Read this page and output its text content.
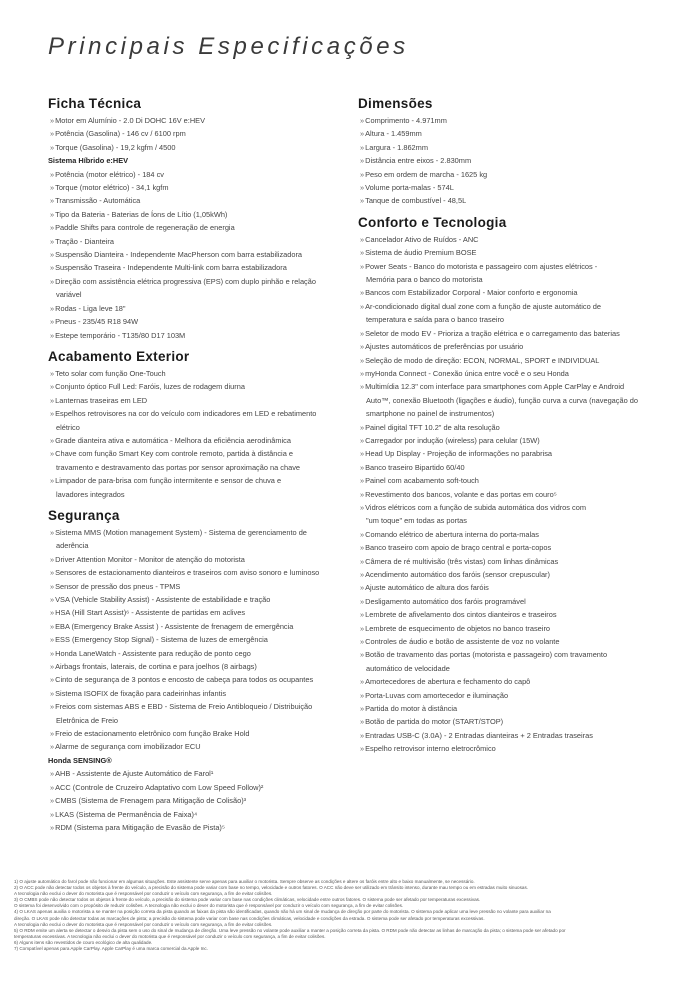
Principais Especificações
Ficha Técnica
»Motor em Alumínio - 2.0 Di DOHC 16V e:HEV
»Potência (Gasolina) - 146 cv / 6100 rpm
»Torque (Gasolina) - 19,2 kgfm / 4500
Sistema Híbrido e:HEV
»Potência (motor elétrico) - 184 cv
»Torque (motor elétrico) - 34,1 kgfm
»Transmissão - Automática
»Tipo da Bateria - Baterias de Íons de Lítio (1,05kWh)
»Paddle Shifts para controle de regeneração de energia
»Tração - Dianteira
»Suspensão Dianteira - Independente MacPherson com barra estabilizadora
»Suspensão Traseira - Independente Multi-link com barra estabilizadora
»Direção com assistência elétrica progressiva (EPS) com duplo pinhão e relação
variável
»Rodas - Liga leve 18"
»Pneus - 235/45 R18 94W
»Estepe temporário - T135/80 D17 103M
Acabamento Exterior
»Teto solar com função One-Touch
»Conjunto óptico Full Led: Faróis, luzes de rodagem diurna
»Lanternas traseiras em LED
»Espelhos retrovisores na cor do veículo com indicadores em LED e rebatimento
elétrico
»Grade dianteira ativa e automática - Melhora da eficiência aerodinâmica
»Chave com função Smart Key com controle remoto, partida à distância e
travamento e destravamento das portas por sensor aproximação na chave
»Limpador de para-brisa com função intermitente e sensor de chuva e
lavadores integrados
Segurança
»Sistema MMS (Motion management System) - Sistema de gerenciamento de
aderência
»Driver Attention Monitor - Monitor de atenção do motorista
»Sensores de estacionamento dianteiros e traseiros com aviso sonoro e luminoso
»Sensor de pressão dos pneus - TPMS
»VSA (Vehicle Stability Assist) - Assistente de estabilidade e tração
»HSA (Hill Start Assist)⁶ - Assistente de partidas em aclives
»EBA (Emergency Brake Assist ) - Assistente de frenagem de emergência
»ESS (Emergency Stop Signal) - Sistema de luzes de emergência
»Honda LaneWatch - Assistente para redução de ponto cego
»Airbags frontais, laterais, de cortina e para joelhos (8 airbags)
»Cinto de segurança de 3 pontos e encosto de cabeça para todos os ocupantes
»Sistema ISOFIX de fixação para cadeirinhas infantis
»Freios com sistemas ABS e EBD - Sistema de Freio Antibloqueio / Distribuição
Eletrônica de Freio
»Freio de estacionamento eletrônico com função Brake Hold
»Alarme de segurança com imobilizador ECU
Honda SENSING®
»AHB - Assistente de Ajuste Automático de Farol¹
»ACC (Controle de Cruzeiro Adaptativo com Low Speed Follow)²
»CMBS (Sistema de Frenagem para Mitigação de Colisão)³
»LKAS (Sistema de Permanência de Faixa)⁴
»RDM (Sistema para Mitigação de Evasão de Pista)⁵
Dimensões
»Comprimento - 4.971mm
»Altura - 1.459mm
»Largura - 1.862mm
»Distância entre eixos - 2.830mm
»Peso em ordem de marcha - 1625 kg
»Volume porta-malas - 574L
»Tanque de combustível - 48,5L
Conforto e Tecnologia
»Cancelador Ativo de Ruídos - ANC
»Sistema de áudio Premium BOSE
»Power Seats - Banco do motorista e passageiro com ajustes elétricos -
Memória para o banco do motorista
»Bancos com Estabilizador Corporal - Maior conforto e ergonomia
»Ar-condicionado digital dual zone com a função de ajuste automático de
temperatura e saída para o banco traseiro
»Seletor de modo EV - Prioriza a tração elétrica e o carregamento das baterias
»Ajustes automáticos de preferências por usuário
»Seleção de modo de direção: ECON, NORMAL, SPORT e INDIVIDUAL
»myHonda Connect - Conexão única entre você e o seu Honda
»Multimídia 12.3" com interface para smartphones com Apple CarPlay e Android
Auto™, conexão Bluetooth (ligações e áudio), função curva a curva (navegação do smartphone no painel de instrumentos)
»Painel digital TFT 10.2" de alta resolução
»Carregador por indução (wireless) para celular (15W)
»Head Up Display - Projeção de informações no parabrisa
»Banco traseiro Bipartido 60/40
»Painel com acabamento soft-touch
»Revestimento dos bancos, volante e das portas em couro⁵
»Vidros elétricos com a função de subida automática dos vidros com
"um toque" em todas as portas
»Comando elétrico de abertura interna do porta-malas
»Banco traseiro com apoio de braço central e porta-copos
»Câmera de ré multivisão (três vistas) com linhas dinâmicas
»Acendimento automático dos faróis (sensor crepuscular)
»Ajuste automático de altura dos faróis
»Desligamento automático dos faróis programável
»Lembrete de afivelamento dos cintos dianteiros e traseiros
»Lembrete de esquecimento de objetos no banco traseiro
»Controles de áudio e botão de assistente de voz no volante
»Botão de travamento das portas (motorista e passageiro) com travamento
automático de velocidade
»Amortecedores de abertura e fechamento do capô
»Porta-Luvas com amortecedor e iluminação
»Partida do motor à distância
»Botão de partida do motor (START/STOP)
»Entradas USB-C (3.0A) - 2 Entradas dianteiras + 2 Entradas traseiras
»Espelho retrovisor interno eletrocrômico
1) O ajuste automático do farol pode não funcionar em algumas situações. Este assistente serve apenas para auxiliar o motorista. Sempre observe as condições e altere os faróis entre alto e baixo manualmente, se necessário.
2) O ACC pode não detectar todos os objetos à frente do veículo, a precisão do sistema pode variar com base no tempo, velocidade e outros fatores. O ACC não deve ser utilizado em trânsito intenso, durante mau tempo ou em estradas muito sinuosas.
A tecnologia não exclui o dever do motorista que é responsável por conduzir o veículo com segurança, a fim de evitar colisões.
3) O CMBS pode não detectar todos os objetos à frente do veículo, a precisão do sistema pode variar com base nas condições climáticas, velocidade entre outros fatores. O sistema pode ser afetado por temperaturas excessivas.
O sistema foi desenvolvido com o propósito de reduzir colisões. A tecnologia não exclui o dever do motorista que é responsável por conduzir o veículo com segurança, a fim de evitar colisões.
4) O LKAS apenas auxilia o motorista a se manter na posição correta da pista quando as faixas da pista são identificadas, quando não há um sinal de mudança de direção por parte do motorista. O sistema pode aplicar uma leve pressão no volante para auxiliar na
direção. O LKAS pode não detectar todas as marcações de pista; a precisão do sistema pode variar com base nas condições climáticas, velocidade e condições da estrada. O sistema pode ser afetado por temperaturas excessivas.
A tecnologia não exclui o dever do motorista que é responsável por conduzir o veículo com segurança, a fim de evitar colisões.
5) O RDM emite um alerta se detectar o desvio da pista sem o uso do sinal de mudança de direção. Uma leve pressão no volante pode auxiliar a manter a posição correta da pista. O RDM pode não detectar as linhas de marcação da pista; o sistema pode ser afetado por
temperaturas excessivas. A tecnologia não exclui o dever do motorista que é responsável por conduzir o veículo com segurança, a fim de evitar colisões.
6) Alguns itens são revestidos de couro ecológico de alta qualidade.
7) Compatível apenas para Apple CarPlay. Apple CarPlay é uma marca comercial da Apple Inc.
